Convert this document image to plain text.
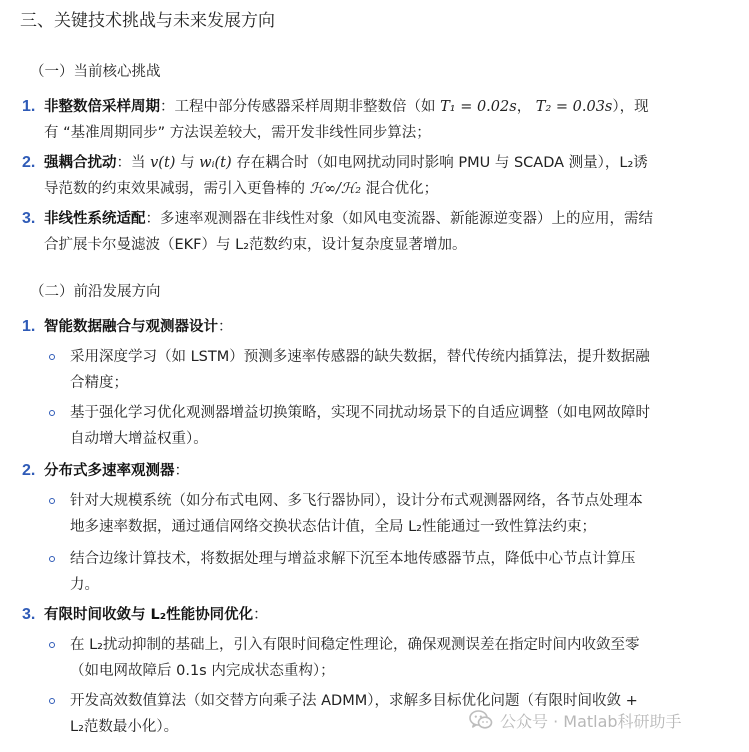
三、关键技术挑战与未来发展方向
（一）当前核心挑战
1. 非整数倍采样周期：工程中部分传感器采样周期非整数倍（如 T₁ = 0.02s， T₂ = 0.03s），现
有 “基准周期同步” 方法误差较大，需开发非线性同步算法；
2. 强耦合扰动：当 v(t) 与 wᵢ(t) 存在耦合时（如电网扰动同时影响 PMU 与 SCADA 测量），L₂诱
导范数的约束效果减弱，需引入更鲁棒的 ℋ∞/ℋ₂ 混合优化；
3. 非线性系统适配：多速率观测器在非线性对象（如风电变流器、新能源逆变器）上的应用，需结
合扩展卡尔曼滤波（EKF）与 L₂范数约束，设计复杂度显著增加。
（二）前沿发展方向
1. 智能数据融合与观测器设计：
采用深度学习（如 LSTM）预测多速率传感器的缺失数据，替代传统内插算法，提升数据融
合精度；
基于强化学习优化观测器增益切换策略，实现不同扰动场景下的自适应调整（如电网故障时
自动增大增益权重）。
2. 分布式多速率观测器：
针对大规模系统（如分布式电网、多飞行器协同），设计分布式观测器网络，各节点处理本
地多速率数据，通过通信网络交换状态估计值，全局 L₂性能通过一致性算法约束；
结合边缘计算技术，将数据处理与增益求解下沉至本地传感器节点，降低中心节点计算压
力。
3. 有限时间收敛与 L₂性能协同优化：
在 L₂扰动抑制的基础上，引入有限时间稳定性理论，确保观测误差在指定时间内收敛至零
（如电网故障后 0.1s 内完成状态重构）；
开发高效数值算法（如交替方向乘子法 ADMM），求解多目标优化问题（有限时间收敛 +
L₂范数最小化）。	公众号 · Matlab科研助手
